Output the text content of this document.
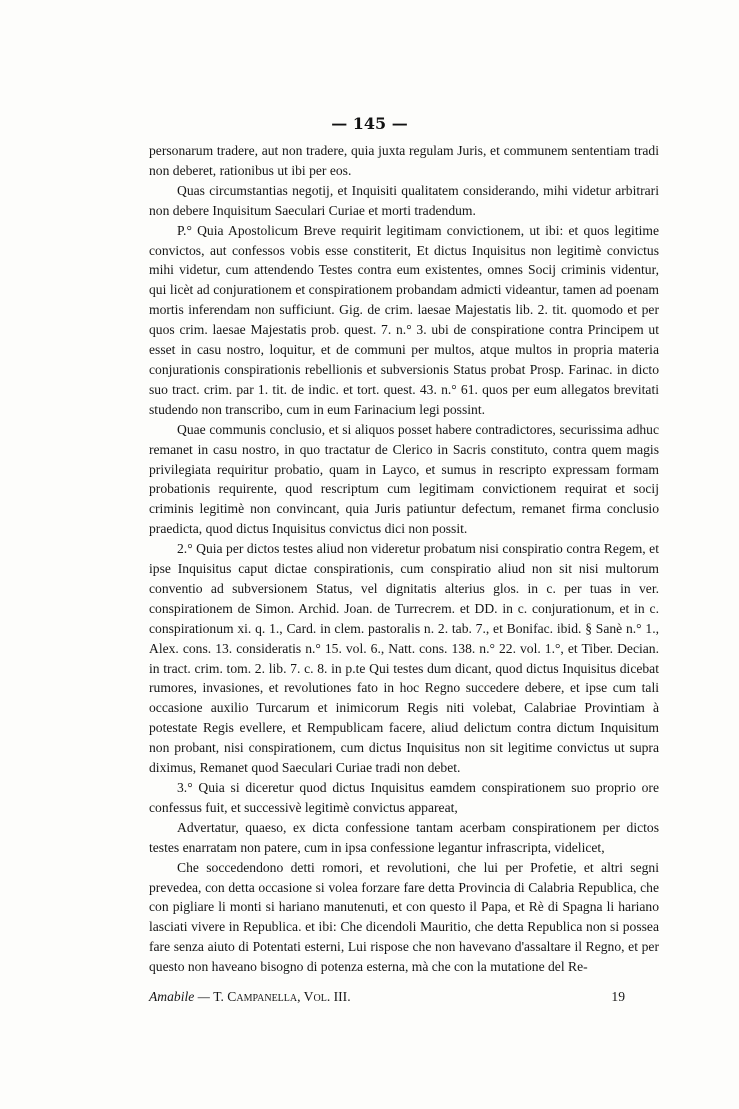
— 145 —

personarum tradere, aut non tradere, quia juxta regulam Juris, et communem sententiam tradi non deberet, rationibus ut ibi per eos.

Quas circumstantias negotij, et Inquisiti qualitatem considerando, mihi videtur arbitrari non debere Inquisitum Saeculari Curiae et morti tradendum.

P.° Quia Apostolicum Breve requirit legitimam convictionem, ut ibi: et quos legitime convictos, aut confessos vobis esse constiterit, Et dictus Inquisitus non legitimè convictus mihi videtur, cum attendendo Testes contra eum existentes, omnes Socij criminis videntur, qui licèt ad conjurationem et conspirationem probandam admicti videantur, tamen ad poenam mortis inferendam non sufficiunt. Gig. de crim. laesae Majestatis lib. 2. tit. quomodo et per quos crim. laesae Majestatis prob. quest. 7. n.° 3. ubi de conspiratione contra Principem ut esset in casu nostro, loquitur, et de communi per multos, atque multos in propria materia conjurationis conspirationis rebellionis et subversionis Status probat Prosp. Farinac. in dicto suo tract. crim. par 1. tit. de indic. et tort. quest. 43. n.° 61. quos per eum allegatos brevitati studendo non transcribo, cum in eum Farinacium legi possint.

Quae communis conclusio, et si aliquos posset habere contradictores, securissima adhuc remanet in casu nostro, in quo tractatur de Clerico in Sacris constituto, contra quem magis privilegiata requiritur probatio, quam in Layco, et sumus in rescripto expressam formam probationis requirente, quod rescriptum cum legitimam convictionem requirat et socij criminis legitimè non convincant, quia Juris patiuntur defectum, remanet firma conclusio praedicta, quod dictus Inquisitus convictus dici non possit.

2.° Quia per dictos testes aliud non videretur probatum nisi conspiratio contra Regem, et ipse Inquisitus caput dictae conspirationis, cum conspiratio aliud non sit nisi multorum conventio ad subversionem Status, vel dignitatis alterius glos. in c. per tuas in ver. conspirationem de Simon. Archid. Joan. de Turrecrem. et DD. in c. conjurationum, et in c. conspirationum xi. q. 1., Card. in clem. pastoralis n. 2. tab. 7., et Bonifac. ibid. § Sanè n.° 1., Alex. cons. 13. consideratis n.° 15. vol. 6., Natt. cons. 138. n.° 22. vol. 1.°, et Tiber. Decian. in tract. crim. tom. 2. lib. 7. c. 8. in p.te Qui testes dum dicant, quod dictus Inquisitus dicebat rumores, invasiones, et revolutiones fato in hoc Regno succedere debere, et ipse cum tali occasione auxilio Turcarum et inimicorum Regis niti volebat, Calabriae Provintiam à potestate Regis evellere, et Rempublicam facere, aliud delictum contra dictum Inquisitum non probant, nisi conspirationem, cum dictus Inquisitus non sit legitime convictus ut supra diximus, Remanet quod Saeculari Curiae tradi non debet.

3.° Quia si diceretur quod dictus Inquisitus eamdem conspirationem suo proprio ore confessus fuit, et successivè legitimè convictus appareat,

Advertatur, quaeso, ex dicta confessione tantam acerbam conspirationem per dictos testes enarratam non patere, cum in ipsa confessione legantur infrascripta, videlicet,

Che soccedendono detti romori, et revolutioni, che lui per Profetie, et altri segni prevedea, con detta occasione si volea forzare fare detta Provincia di Calabria Republica, che con pigliare li monti si hariano manutenuti, et con questo il Papa, et Rè di Spagna li hariano lasciati vivere in Republica. et ibi: Che dicendoli Mauritio, che detta Republica non si possea fare senza aiuto di Potentati esterni, Lui rispose che non havevano d'assaltare il Regno, et per questo non haveano bisogno di potenza esterna, mà che con la mutatione del Re-

Amabile — T. Campanella, Vol. III.	19
